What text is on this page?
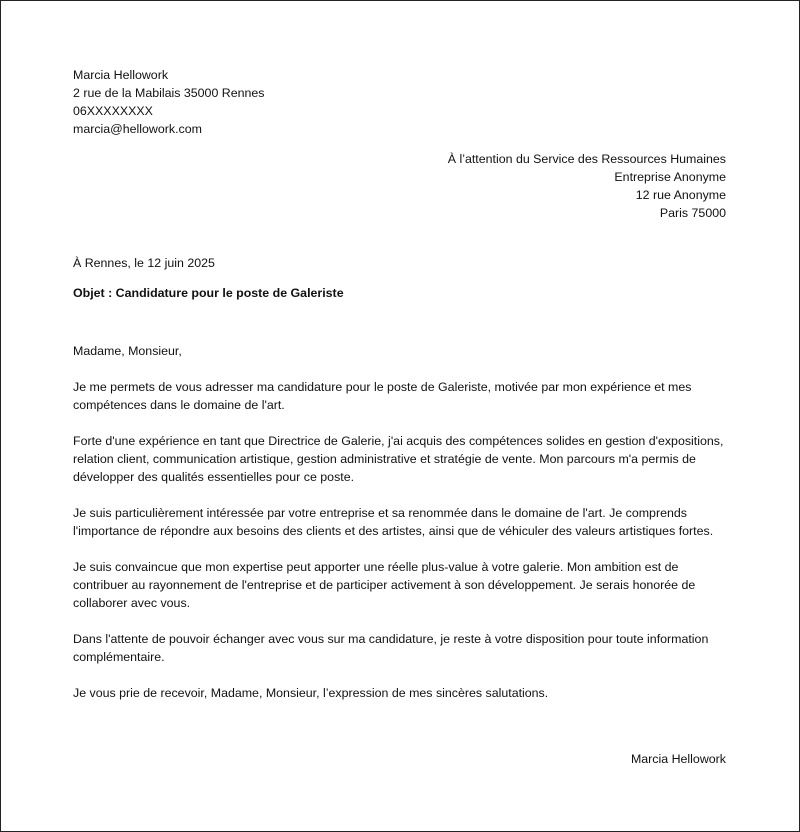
Marcia Hellowork

2 rue de la Mabilais 35000 Rennes

06XXXXXXXX

marcia@hellowork.com

À l’attention du Service des Ressources Humaines

Entreprise Anonyme

12 rue Anonyme

Paris 75000

À Rennes, le 12 juin 2025

Objet : Candidature pour le poste de Galeriste

Madame, Monsieur,

Je me permets de vous adresser ma candidature pour le poste de Galeriste, motivée par mon expérience et mes compétences dans le domaine de l'art.

Forte d'une expérience en tant que Directrice de Galerie, j'ai acquis des compétences solides en gestion d'expositions, relation client, communication artistique, gestion administrative et stratégie de vente. Mon parcours m'a permis de développer des qualités essentielles pour ce poste.

Je suis particulièrement intéressée par votre entreprise et sa renommée dans le domaine de l'art. Je comprends l'importance de répondre aux besoins des clients et des artistes, ainsi que de véhiculer des valeurs artistiques fortes.

Je suis convaincue que mon expertise peut apporter une réelle plus-value à votre galerie. Mon ambition est de contribuer au rayonnement de l'entreprise et de participer activement à son développement. Je serais honorée de collaborer avec vous.

Dans l'attente de pouvoir échanger avec vous sur ma candidature, je reste à votre disposition pour toute information complémentaire.

Je vous prie de recevoir, Madame, Monsieur, l’expression de mes sincères salutations.

Marcia Hellowork
